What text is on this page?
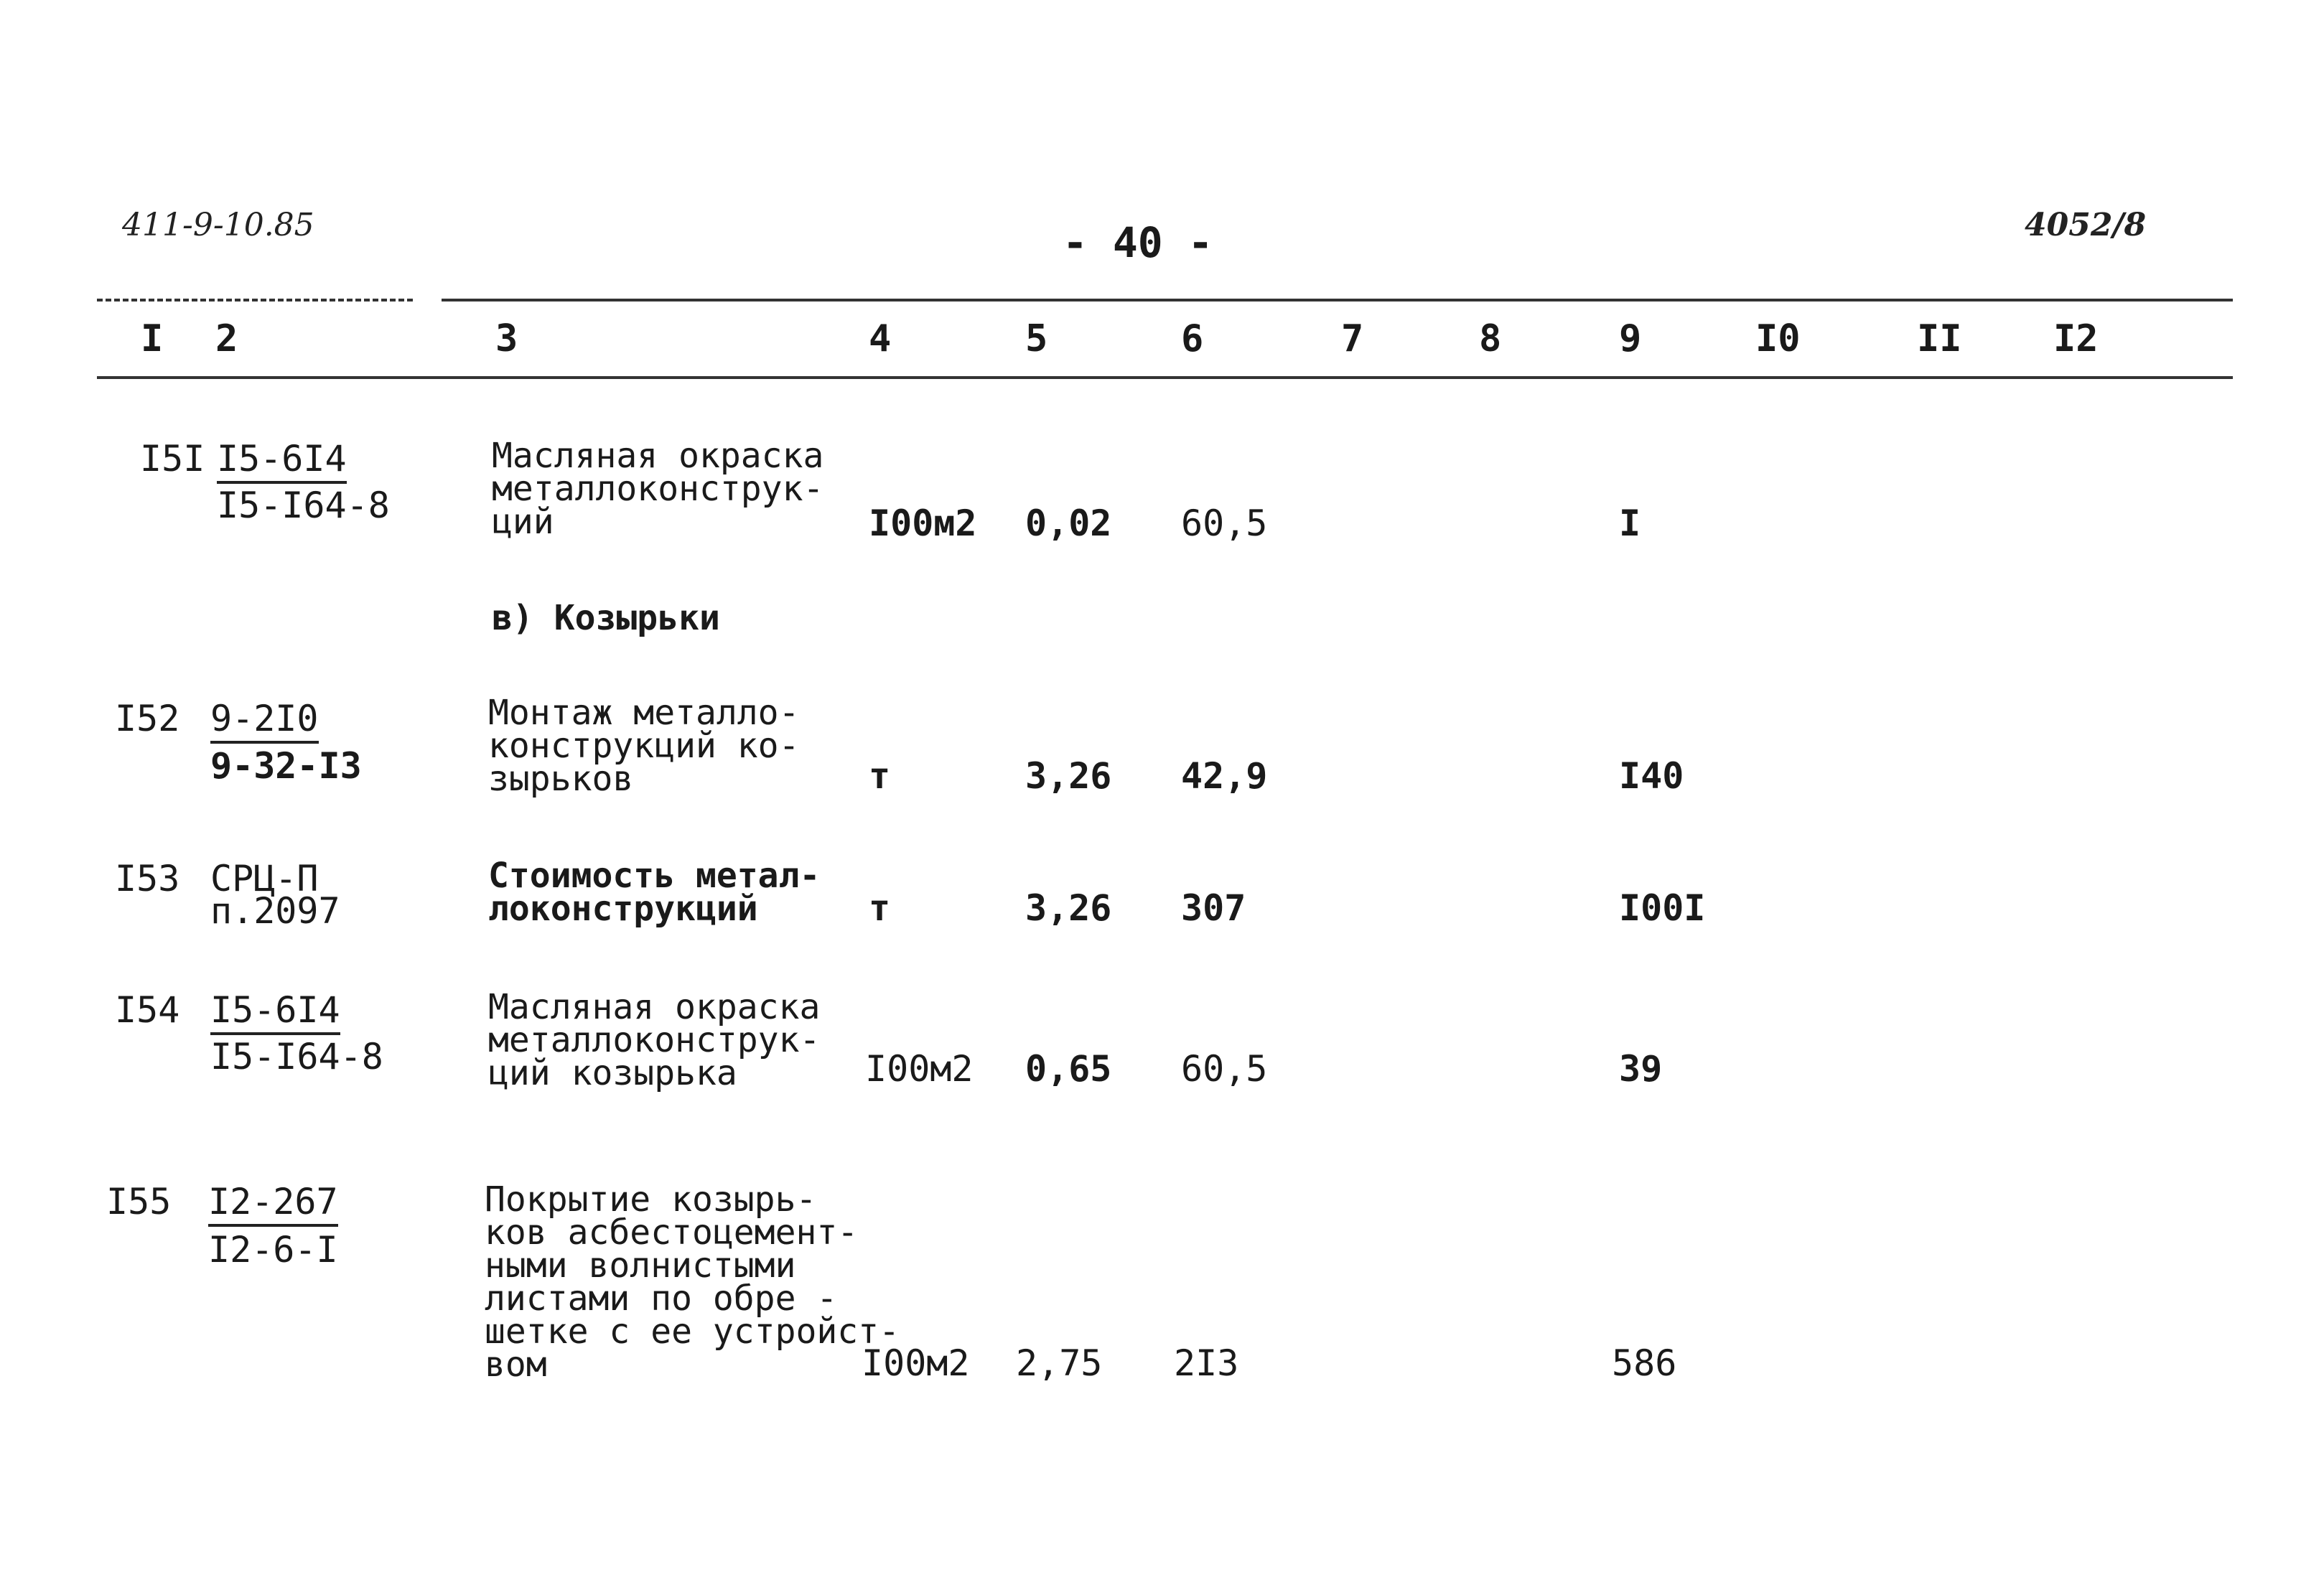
411-9-10.85	- 40 -	4052/8
I 2	3	4	5	6	7	8	9	I0	II I2
I5I I5-6I4
I5-I64-8
Масляная окраска
металлоконструк-
ций	I00м2 0,02 60,5	I
в) Козырьки
I52 9-2I0
9-32-I3
Монтаж металло-
конструкций ко-
зырьков	т	3,26 42,9	I40
I53 СРЦ-П
п.2097
Стоимость метал-
локонструкций	т	3,26 307	I00I
I54 I5-6I4
I5-I64-8
Масляная окраска
металлоконструк-
ций козырька	I00м2 0,65 60,5	39
I55 I2-267
I2-6-I
Покрытие козырь-
ков асбестоцемент-
ными волнистыми
листами по обре -
шетке с ее устройст-
вом	I00м2 2,75 2I3	586
